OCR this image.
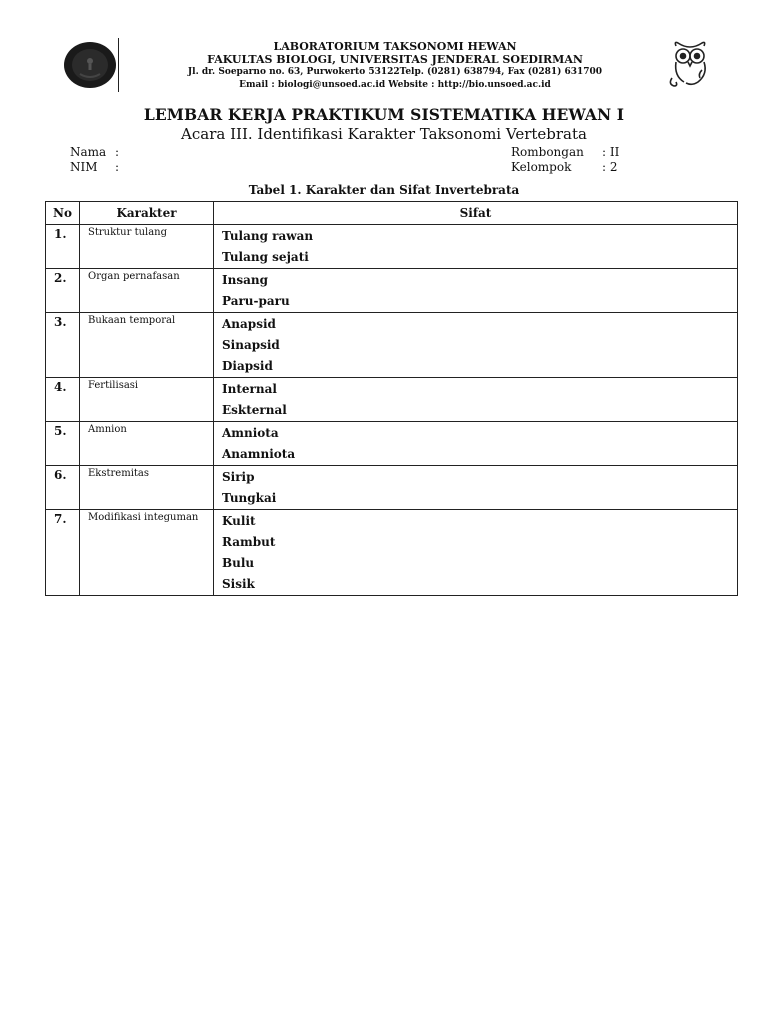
LABORATORIUM TAKSONOMI HEWAN
FAKULTAS BIOLOGI, UNIVERSITAS JENDERAL SOEDIRMAN
Jl. dr. Soeparno no. 63, Purwokerto 53122Telp. (0281) 638794, Fax (0281) 631700
Email : biologi@unsoed.ac.id Website : http://bio.unsoed.ac.id
LEMBAR KERJA PRAKTIKUM SISTEMATIKA HEWAN I
Acara III. Identifikasi Karakter Taksonomi Vertebrata
Nama :
NIM	:
Rombongan	: II
Kelompok	: 2
Tabel 1. Karakter dan Sifat Invertebrata
No	Karakter	Sifat
1.	Struktur tulang	Tulang rawan
Tulang sejati

2.	Organ pernafasan	Insang
Paru-paru

3.	Bukaan temporal	Anapsid
Sinapsid
Diapsid

4.	Fertilisasi	Internal
Eskternal

5.	Amnion	Amniota
Anamniota

6.	Ekstremitas	Sirip
Tungkai

7.	Modifikasi integuman	Kulit
Rambut
Bulu
Sisik
